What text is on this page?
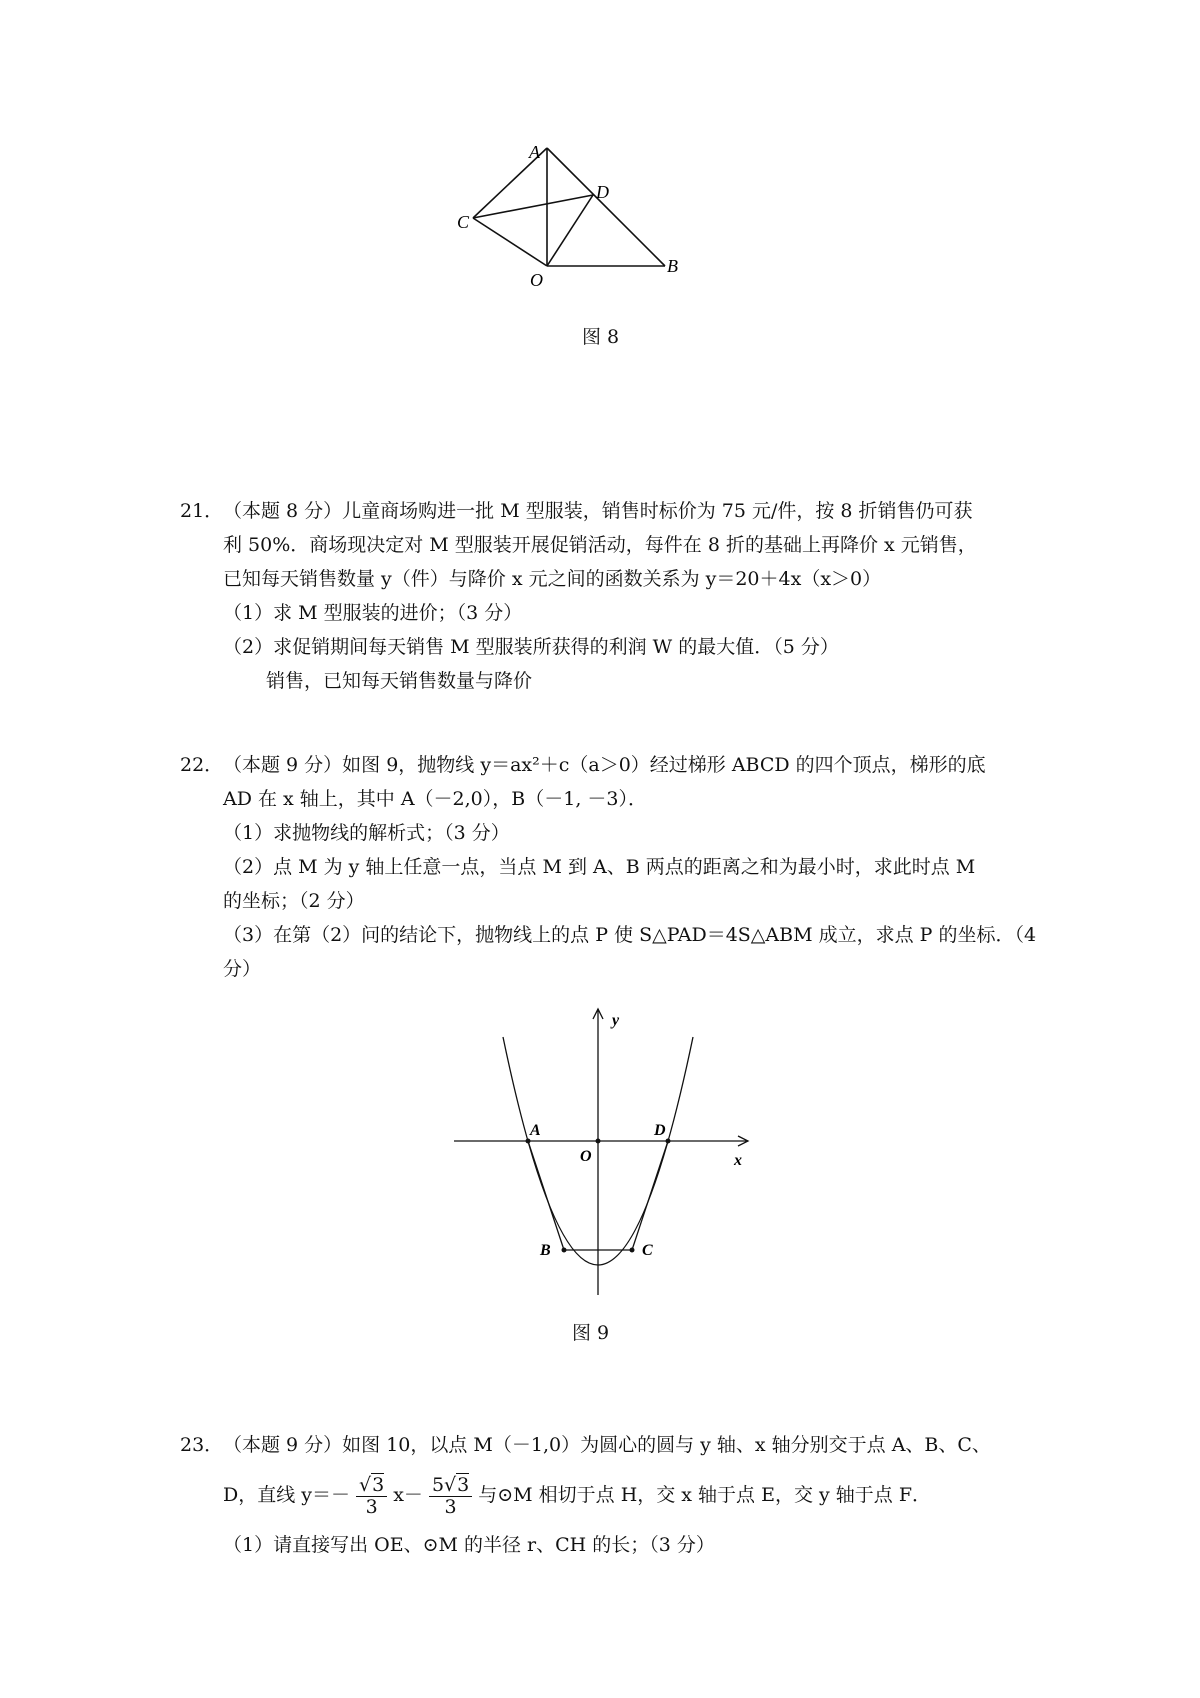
A
C
D
O
B
图 8
21．（本题 8 分）儿童商场购进一批 M 型服装，销售时标价为 75 元/件，按 8 折销售仍可获
利 50%．商场现决定对 M 型服装开展促销活动，每件在 8 折的基础上再降价 x 元销售，
已知每天销售数量 y（件）与降价 x 元之间的函数关系为 y＝20＋4x（x＞0）
（1）求 M 型服装的进价；（3 分）
（2）求促销期间每天销售 M 型服装所获得的利润 W 的最大值．（5 分）
销售，已知每天销售数量与降价
22．（本题 9 分）如图 9，抛物线 y＝ax²＋c（a＞0）经过梯形 ABCD 的四个顶点，梯形的底
AD 在 x 轴上，其中 A（－2,0），B（－1, －3）．
（1）求抛物线的解析式；（3 分）
（2）点 M 为 y 轴上任意一点，当点 M 到 A、B 两点的距离之和为最小时，求此时点 M
的坐标；（2 分）
（3）在第（2）问的结论下，抛物线上的点 P 使 S△PAD＝4S△ABM 成立，求点 P 的坐标．（4
分）
y
x
O
A	D
B	C
图 9
23．（本题 9 分）如图 10，以点 M（－1,0）为圆心的圆与 y 轴、x 轴分别交于点 A、B、C、
D，直线 $y=- \frac{√3}{3} x- \frac{5√3}{3}$ 与⊙M 相切于点 H，交 x 轴于点 E，交 y 轴于点 F．
（1）请直接写出 OE、⊙M 的半径 r、CH 的长；（3 分）
